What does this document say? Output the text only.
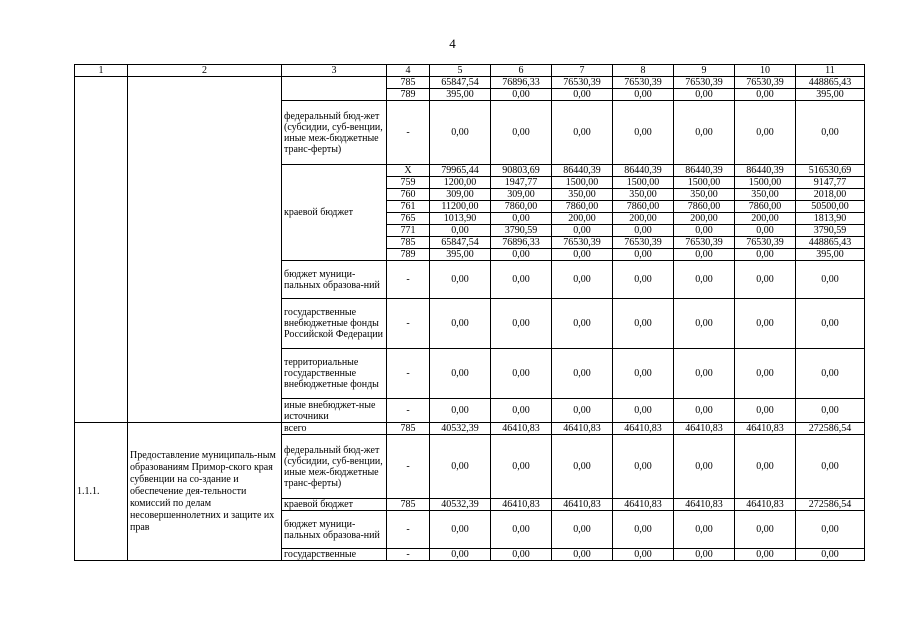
4
1	2	3	4	5	6	7	8	9	10	11
			785	65847,54	76896,33	76530,39	76530,39	76530,39	76530,39	448865,43
			789	395,00	0,00	0,00	0,00	0,00	0,00	395,00
		федеральный бюд-жет (субсидии, суб-венции, иные меж-бюджетные транс-ферты)	-	0,00	0,00	0,00	0,00	0,00	0,00	0,00
		краевой бюджет	X	79965,44	90803,69	86440,39	86440,39	86440,39	86440,39	516530,69
			759	1200,00	1947,77	1500,00	1500,00	1500,00	1500,00	9147,77
			760	309,00	309,00	350,00	350,00	350,00	350,00	2018,00
			761	11200,00	7860,00	7860,00	7860,00	7860,00	7860,00	50500,00
			765	1013,90	0,00	200,00	200,00	200,00	200,00	1813,90
			771	0,00	3790,59	0,00	0,00	0,00	0,00	3790,59
			785	65847,54	76896,33	76530,39	76530,39	76530,39	76530,39	448865,43
			789	395,00	0,00	0,00	0,00	0,00	0,00	395,00
		бюджет муници-пальных образова-ний	-	0,00	0,00	0,00	0,00	0,00	0,00	0,00
		государственные внебюджетные фонды Российской Федерации	-	0,00	0,00	0,00	0,00	0,00	0,00	0,00
		территориальные государственные внебюджетные фонды	-	0,00	0,00	0,00	0,00	0,00	0,00	0,00
		иные внебюджет-ные источники	-	0,00	0,00	0,00	0,00	0,00	0,00	0,00
1.1.1.	Предоставление муниципаль-ным образованиям Примор-ского края субвенции на со-здание и обеспечение дея-тельности комиссий по делам несовершеннолетних и защите их прав	всего	785	40532,39	46410,83	46410,83	46410,83	46410,83	46410,83	272586,54
		федеральный бюд-жет (субсидии, суб-венции, иные меж-бюджетные транс-ферты)	-	0,00	0,00	0,00	0,00	0,00	0,00	0,00
		краевой бюджет	785	40532,39	46410,83	46410,83	46410,83	46410,83	46410,83	272586,54
		бюджет муници-пальных образова-ний	-	0,00	0,00	0,00	0,00	0,00	0,00	0,00
		государственные	-	0,00	0,00	0,00	0,00	0,00	0,00	0,00
